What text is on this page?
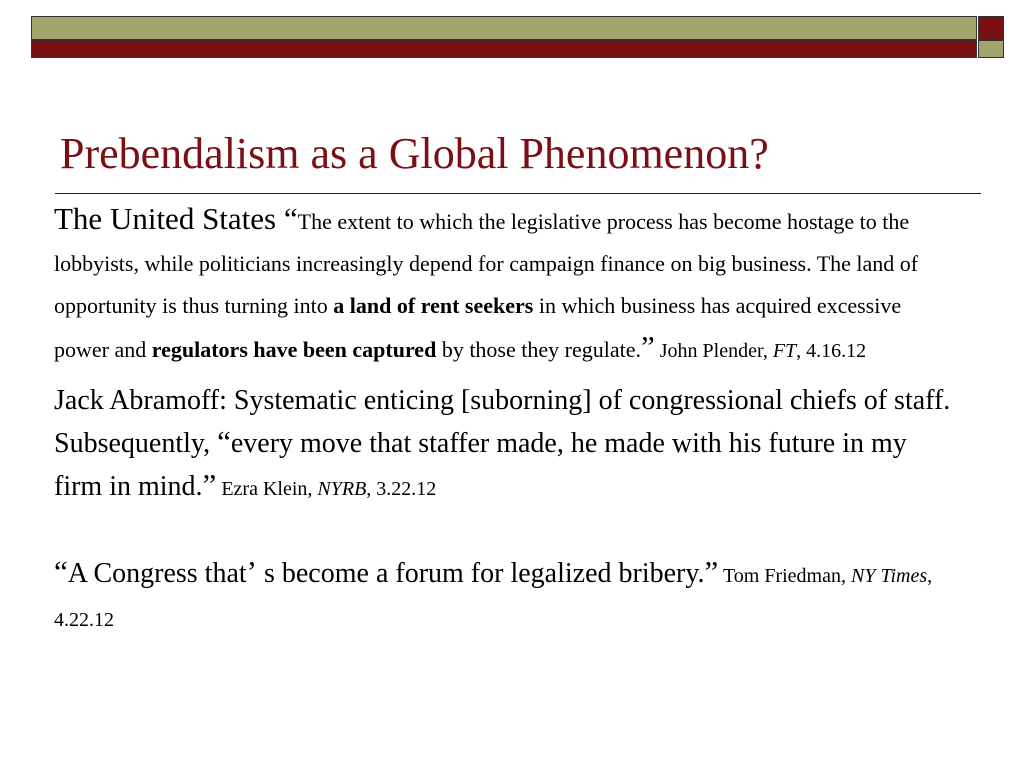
Prebendalism as a Global Phenomenon?

The United States “The extent to which the legislative process has become hostage to the lobbyists, while politicians increasingly depend for campaign finance on big business. The land of opportunity is thus turning into a land of rent seekers in which business has acquired excessive power and regulators have been captured by those they regulate.” John Plender, FT, 4.16.12

Jack Abramoff: Systematic enticing [suborning] of congressional chiefs of staff. Subsequently, “every move that staffer made, he made with his future in my firm in mind.” Ezra Klein, NYRB, 3.22.12

“A Congress that’ s become a forum for legalized bribery.” Tom Friedman, NY Times, 4.22.12
